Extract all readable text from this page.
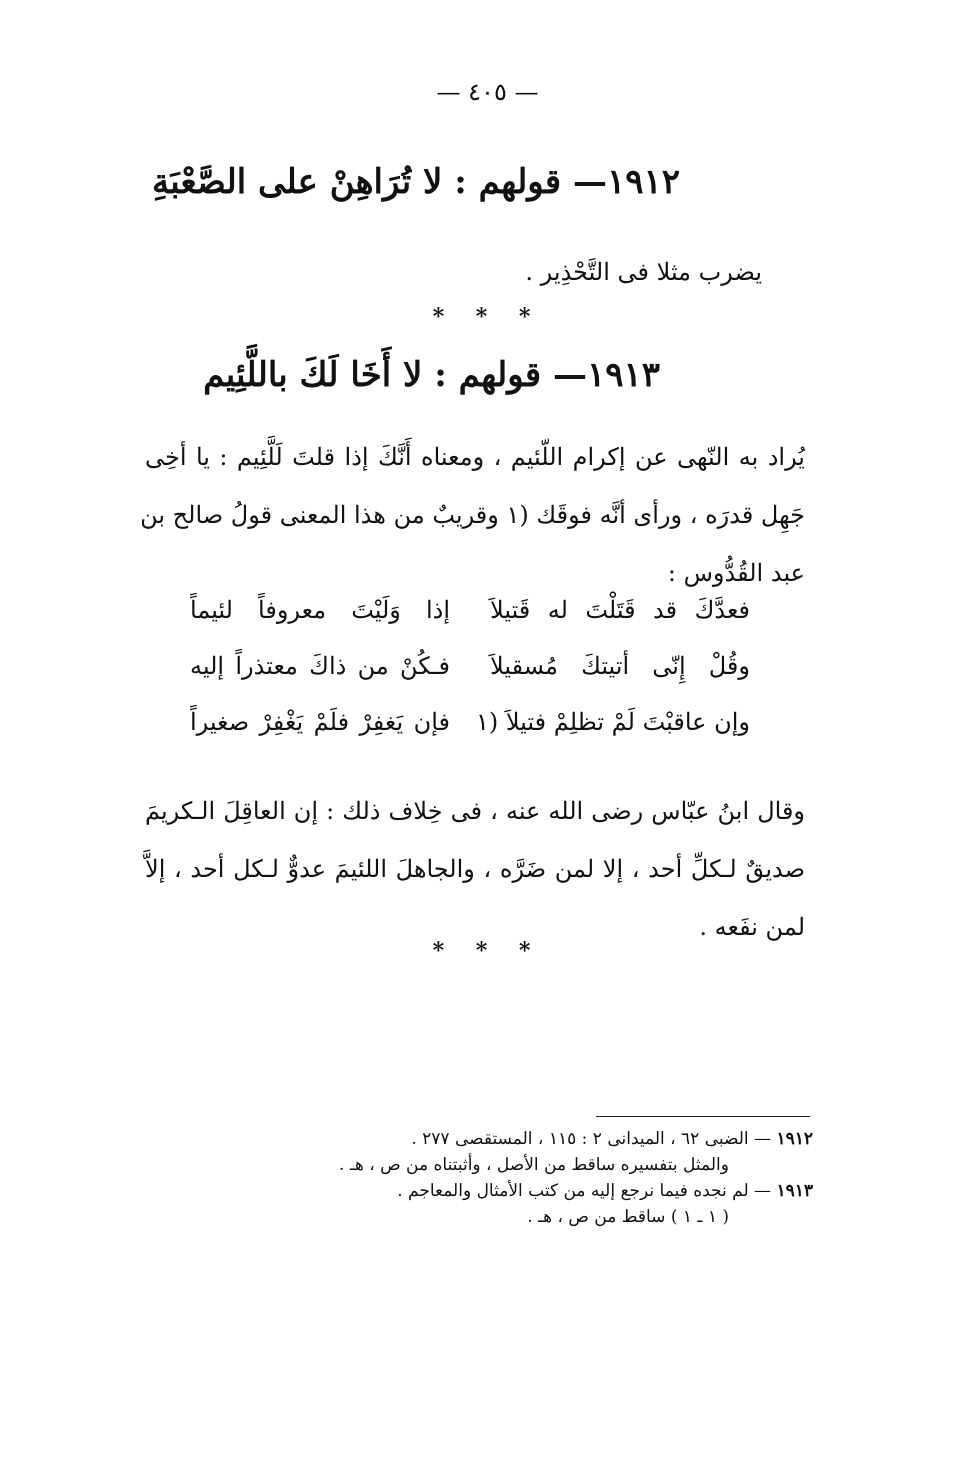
— ٤٠٥ —
١٩١٢— قولهم : لا تُرَاهِنْ على الصَّعْبَةِ
يضرب مثلا فى التَّحْذِير .
* * *
١٩١٣— قولهم : لا أَخَا لَكَ باللَّئِيم
يُراد به النّهى عن إكرام اللّئيم ، ومعناه أَنَّكَ إذا قلتَ لَلَّئِيم : يا أخِى
جَهِل قدرَه ، ورأى أنَّه فوقَك (١ وقريبٌ من هذا المعنى قولُ صالح بن
عبد القُدُّوس :
إذا وَلَيْتَ معروفاً لئيماً فعدَّكَ قد قَتَلْتَ له قَتيلاَ
فـكُنْ من ذاكَ معتذراً إليه وقُلْ إِنّى أتيتكَ مُسقيلاَ
فإن يَغفِرْ فلَمْ يَغْفِرْ صغيراً وإن عاقبْتَ لَمْ تظلِمْ فتيلاَ (١
وقال ابنُ عبّاس رضى الله عنه ، فى خِلاف ذلك : إن العاقِلَ الـكريمَ
صديقٌ لـكلِّ أحد ، إلا لمن ضَرَّه ، والجاهلَ اللئيمَ عدوٌّ لـكل أحد ، إلاَّ
لمن نفَعه .
* * *
١٩١٢ — الضبى ٦٢ ، الميدانى ٢ : ١١٥ ، المستقصى ٢٧٧ .
والمثل بتفسيره ساقط من الأصل ، وأثبتناه من ص ، هـ .
١٩١٣ — لم نجده فيما نرجع إليه من كتب الأمثال والمعاجم .
( ١ ـ ١ ) ساقط من ص ، هـ .
